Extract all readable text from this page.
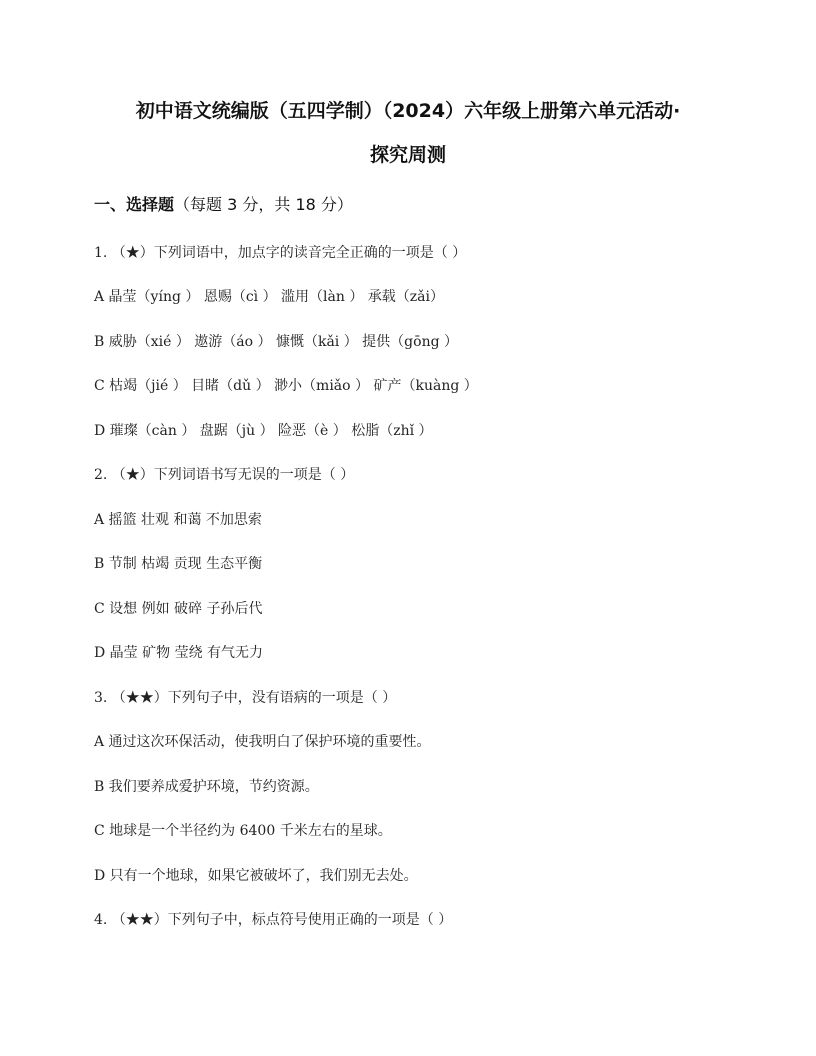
初中语文统编版（五四学制）（2024）六年级上册第六单元活动·
探究周测
一、选择题（每题 3 分，共 18 分）
1. （★）下列词语中，加点字的读音完全正确的一项是（ ）
A 晶莹（yíng ） 恩赐（cì ） 滥用（làn ） 承载（zǎi）
B 威胁（xié ） 遨游（áo ） 慷慨（kǎi ） 提供（gōng ）
C 枯竭（jié ） 目睹（dǔ ） 渺小（miǎo ） 矿产（kuàng ）
D 璀璨（càn ） 盘踞（jù ） 险恶（è ） 松脂（zhǐ ）
2. （★）下列词语书写无误的一项是（ ）
A 摇篮 壮观 和蔼 不加思索
B 节制 枯竭 贡现 生态平衡
C 设想 例如 破碎 子孙后代
D 晶莹 矿物 莹绕 有气无力
3. （★★）下列句子中，没有语病的一项是（ ）
A 通过这次环保活动，使我明白了保护环境的重要性。
B 我们要养成爱护环境，节约资源。
C 地球是一个半径约为 6400 千米左右的星球。
D 只有一个地球，如果它被破坏了，我们别无去处。
4. （★★）下列句子中，标点符号使用正确的一项是（ ）
